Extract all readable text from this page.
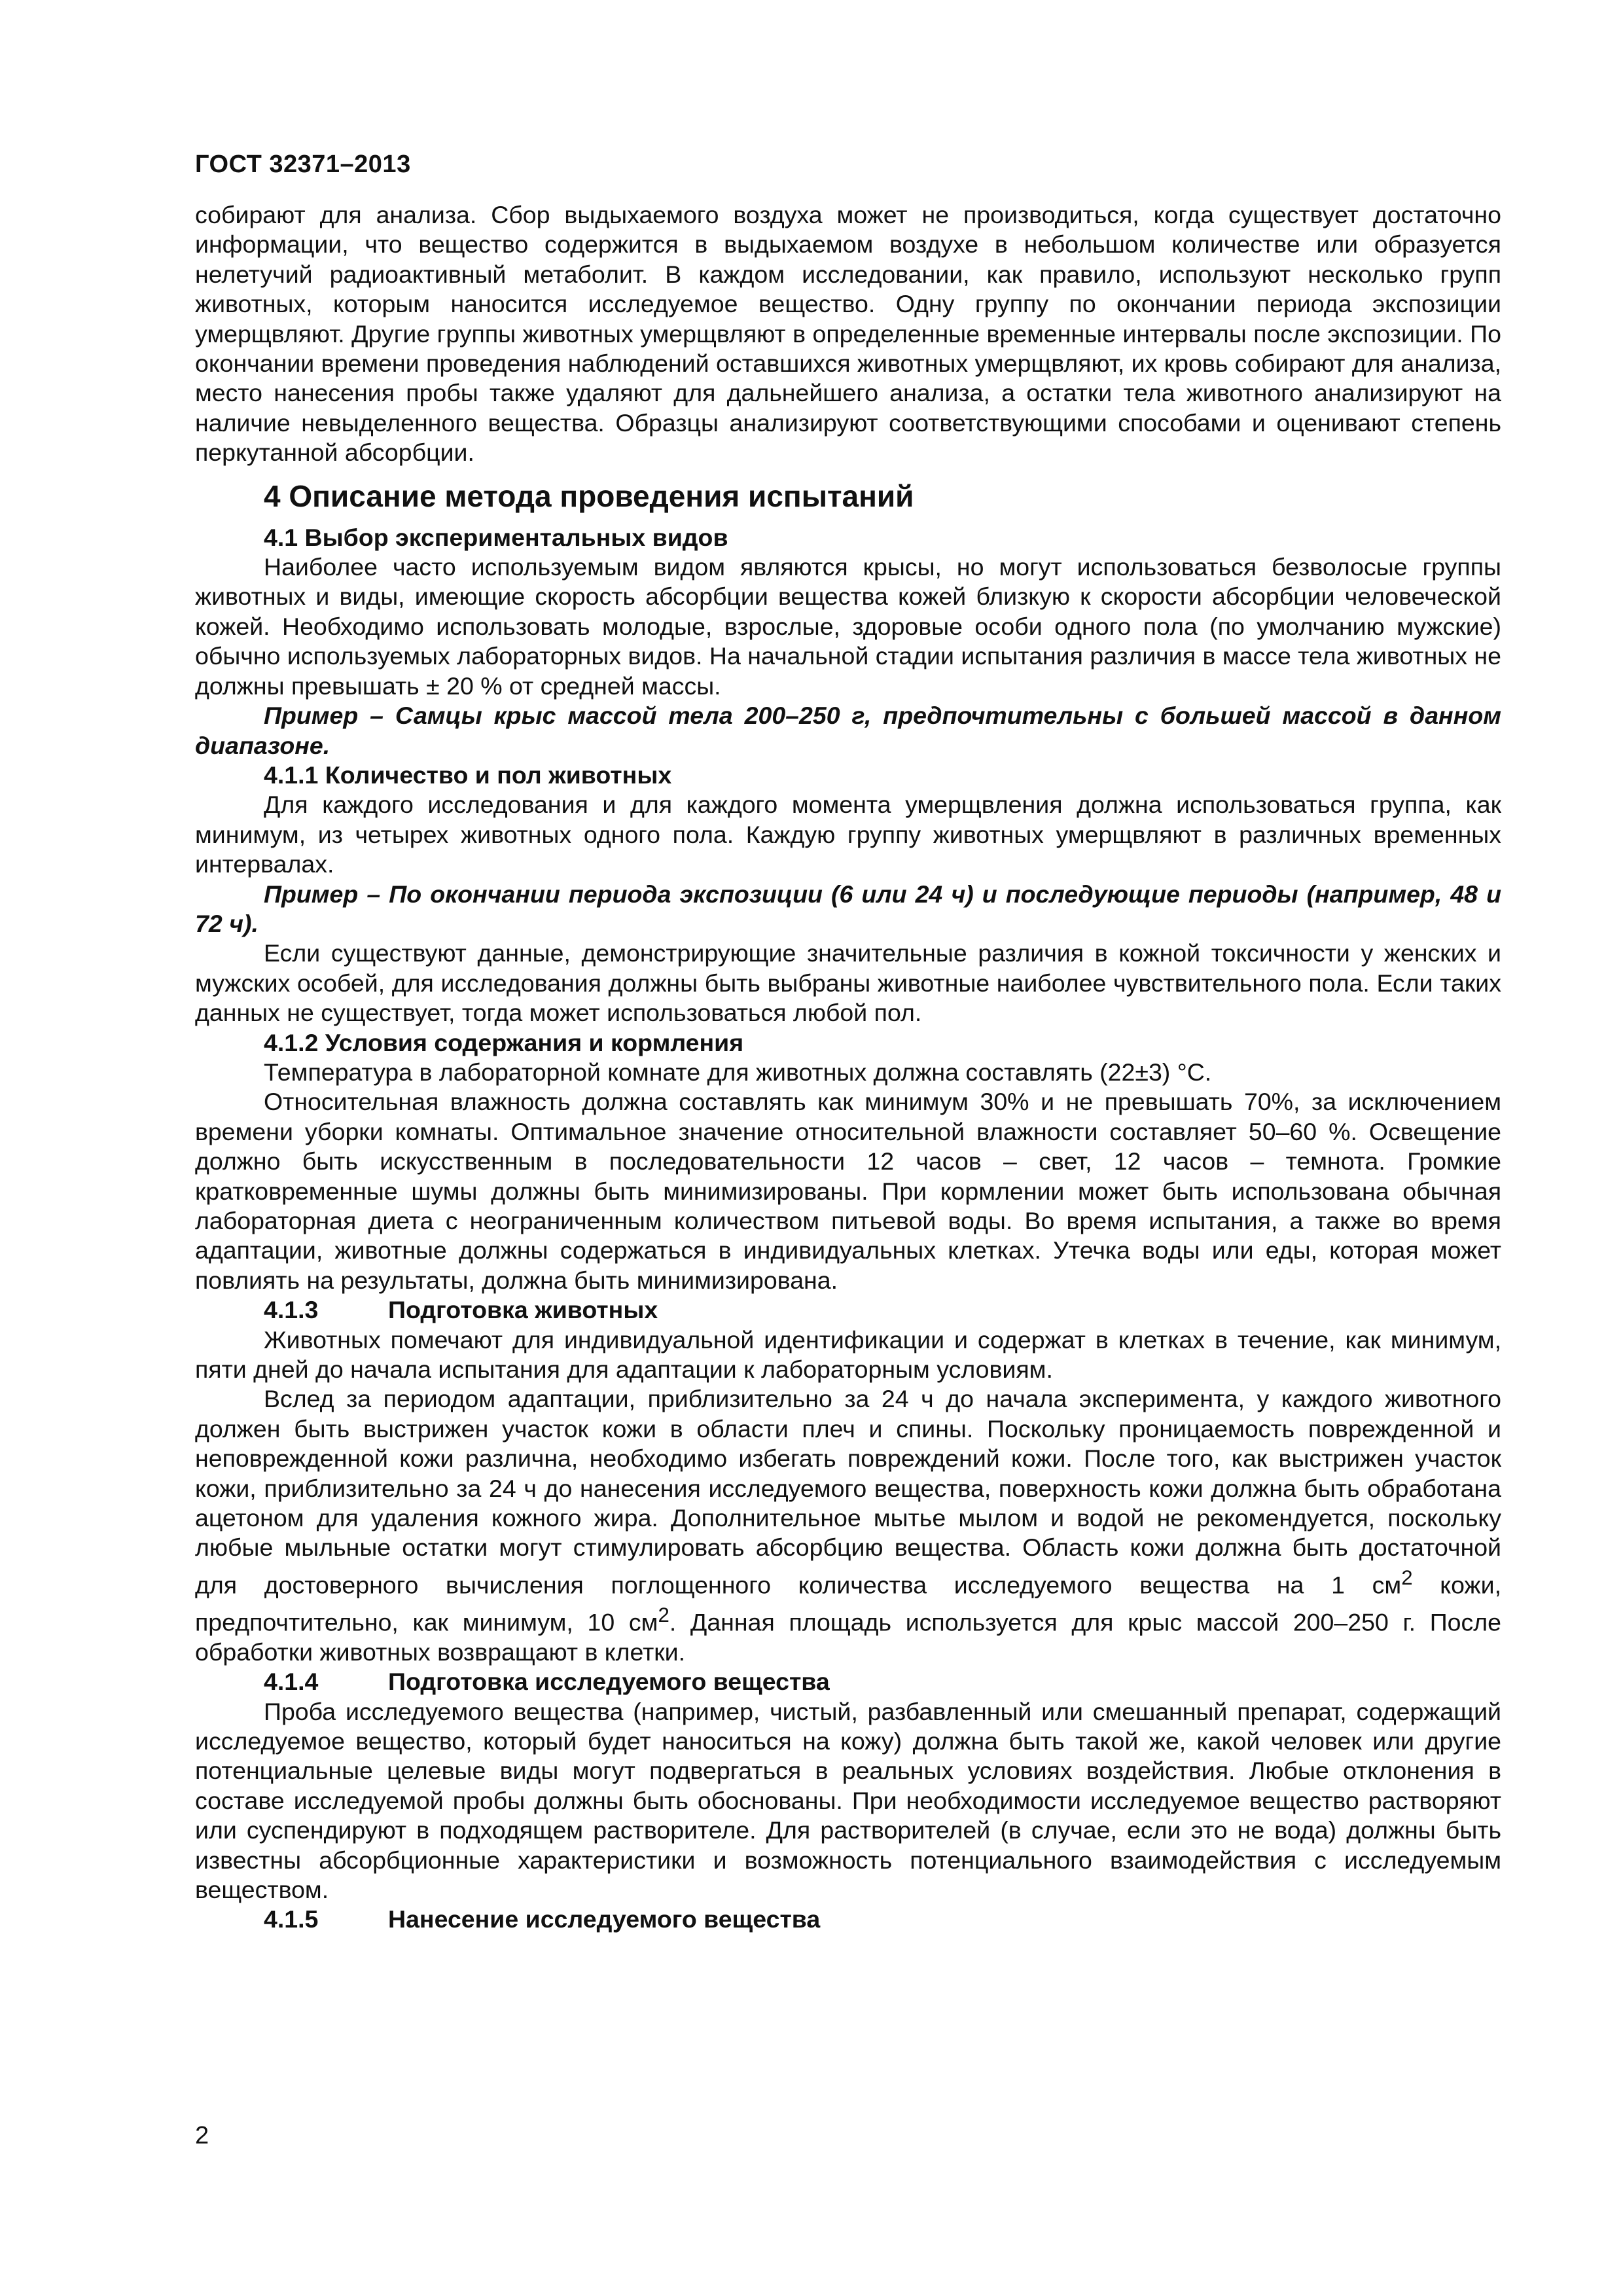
ГОСТ 32371–2013

собирают для анализа. Сбор выдыхаемого воздуха может не производиться, когда существует достаточно информации, что вещество содержится в выдыхаемом воздухе в небольшом количестве или образуется нелетучий радиоактивный метаболит. В каждом исследовании, как правило, используют несколько групп животных, которым наносится исследуемое вещество. Одну группу по окончании периода экспозиции умерщвляют. Другие группы животных умерщвляют в определенные временные интервалы после экспозиции. По окончании времени проведения наблюдений оставшихся животных умерщвляют, их кровь собирают для анализа, место нанесения пробы также удаляют для дальнейшего анализа, а остатки тела животного анализируют на наличие невыделенного вещества. Образцы анализируют соответствующими способами и оценивают степень перкутанной абсорбции.

4 Описание метода проведения испытаний
4.1 Выбор экспериментальных видов

Наиболее часто используемым видом являются крысы, но могут использоваться безволосые группы животных и виды, имеющие скорость абсорбции вещества кожей близкую к скорости абсорбции человеческой кожей. Необходимо использовать молодые, взрослые, здоровые особи одного пола (по умолчанию мужские) обычно используемых лабораторных видов. На начальной стадии испытания различия в массе тела животных не должны превышать ± 20 % от средней массы.

Пример – Самцы крыс массой тела 200–250 г, предпочтительны с большей массой в данном диапазоне.

4.1.1 Количество и пол животных

Для каждого исследования и для каждого момента умерщвления должна использоваться группа, как минимум, из четырех животных одного пола. Каждую группу животных умерщвляют в различных временных интервалах.

Пример – По окончании периода экспозиции (6 или 24 ч) и последующие периоды (например, 48 и 72 ч).

Если существуют данные, демонстрирующие значительные различия в кожной токсичности у женских и мужских особей, для исследования должны быть выбраны животные наиболее чувствительного пола. Если таких данных не существует, тогда может использоваться любой пол.

4.1.2 Условия содержания и кормления

Температура в лабораторной комнате для животных должна составлять (22±3) °С.

Относительная влажность должна составлять как минимум 30% и не превышать 70%, за исключением времени уборки комнаты. Оптимальное значение относительной влажности составляет 50–60 %. Освещение должно быть искусственным в последовательности 12 часов – свет, 12 часов – темнота. Громкие кратковременные шумы должны быть минимизированы. При кормлении может быть использована обычная лабораторная диета с неограниченным количеством питьевой воды. Во время испытания, а также во время адаптации, животные должны содержаться в индивидуальных клетках. Утечка воды или еды, которая может повлиять на результаты, должна быть минимизирована.

4.1.3	Подготовка животных

Животных помечают для индивидуальной идентификации и содержат в клетках в течение, как минимум, пяти дней до начала испытания для адаптации к лабораторным условиям.

Вслед за периодом адаптации, приблизительно за 24 ч до начала эксперимента, у каждого животного должен быть выстрижен участок кожи в области плеч и спины. Поскольку проницаемость поврежденной и неповрежденной кожи различна, необходимо избегать повреждений кожи. После того, как выстрижен участок кожи, приблизительно за 24 ч до нанесения исследуемого вещества, поверхность кожи должна быть обработана ацетоном для удаления кожного жира. Дополнительное мытье мылом и водой не рекомендуется, поскольку любые мыльные остатки могут стимулировать абсорбцию вещества. Область кожи должна быть достаточной для достоверного вычисления поглощенного количества исследуемого вещества на 1 $см^2$ кожи, предпочтительно, как минимум, 10 $см^2$. Данная площадь используется для крыс массой 200–250 г. После обработки животных возвращают в клетки.

4.1.4	Подготовка исследуемого вещества

Проба исследуемого вещества (например, чистый, разбавленный или смешанный препарат, содержащий исследуемое вещество, который будет наноситься на кожу) должна быть такой же, какой человек или другие потенциальные целевые виды могут подвергаться в реальных условиях воздействия. Любые отклонения в составе исследуемой пробы должны быть обоснованы. При необходимости исследуемое вещество растворяют или суспендируют в подходящем растворителе. Для растворителей (в случае, если это не вода) должны быть известны абсорбционные характеристики и возможность потенциального взаимодействия с исследуемым веществом.

4.1.5	Нанесение исследуемого вещества
2
